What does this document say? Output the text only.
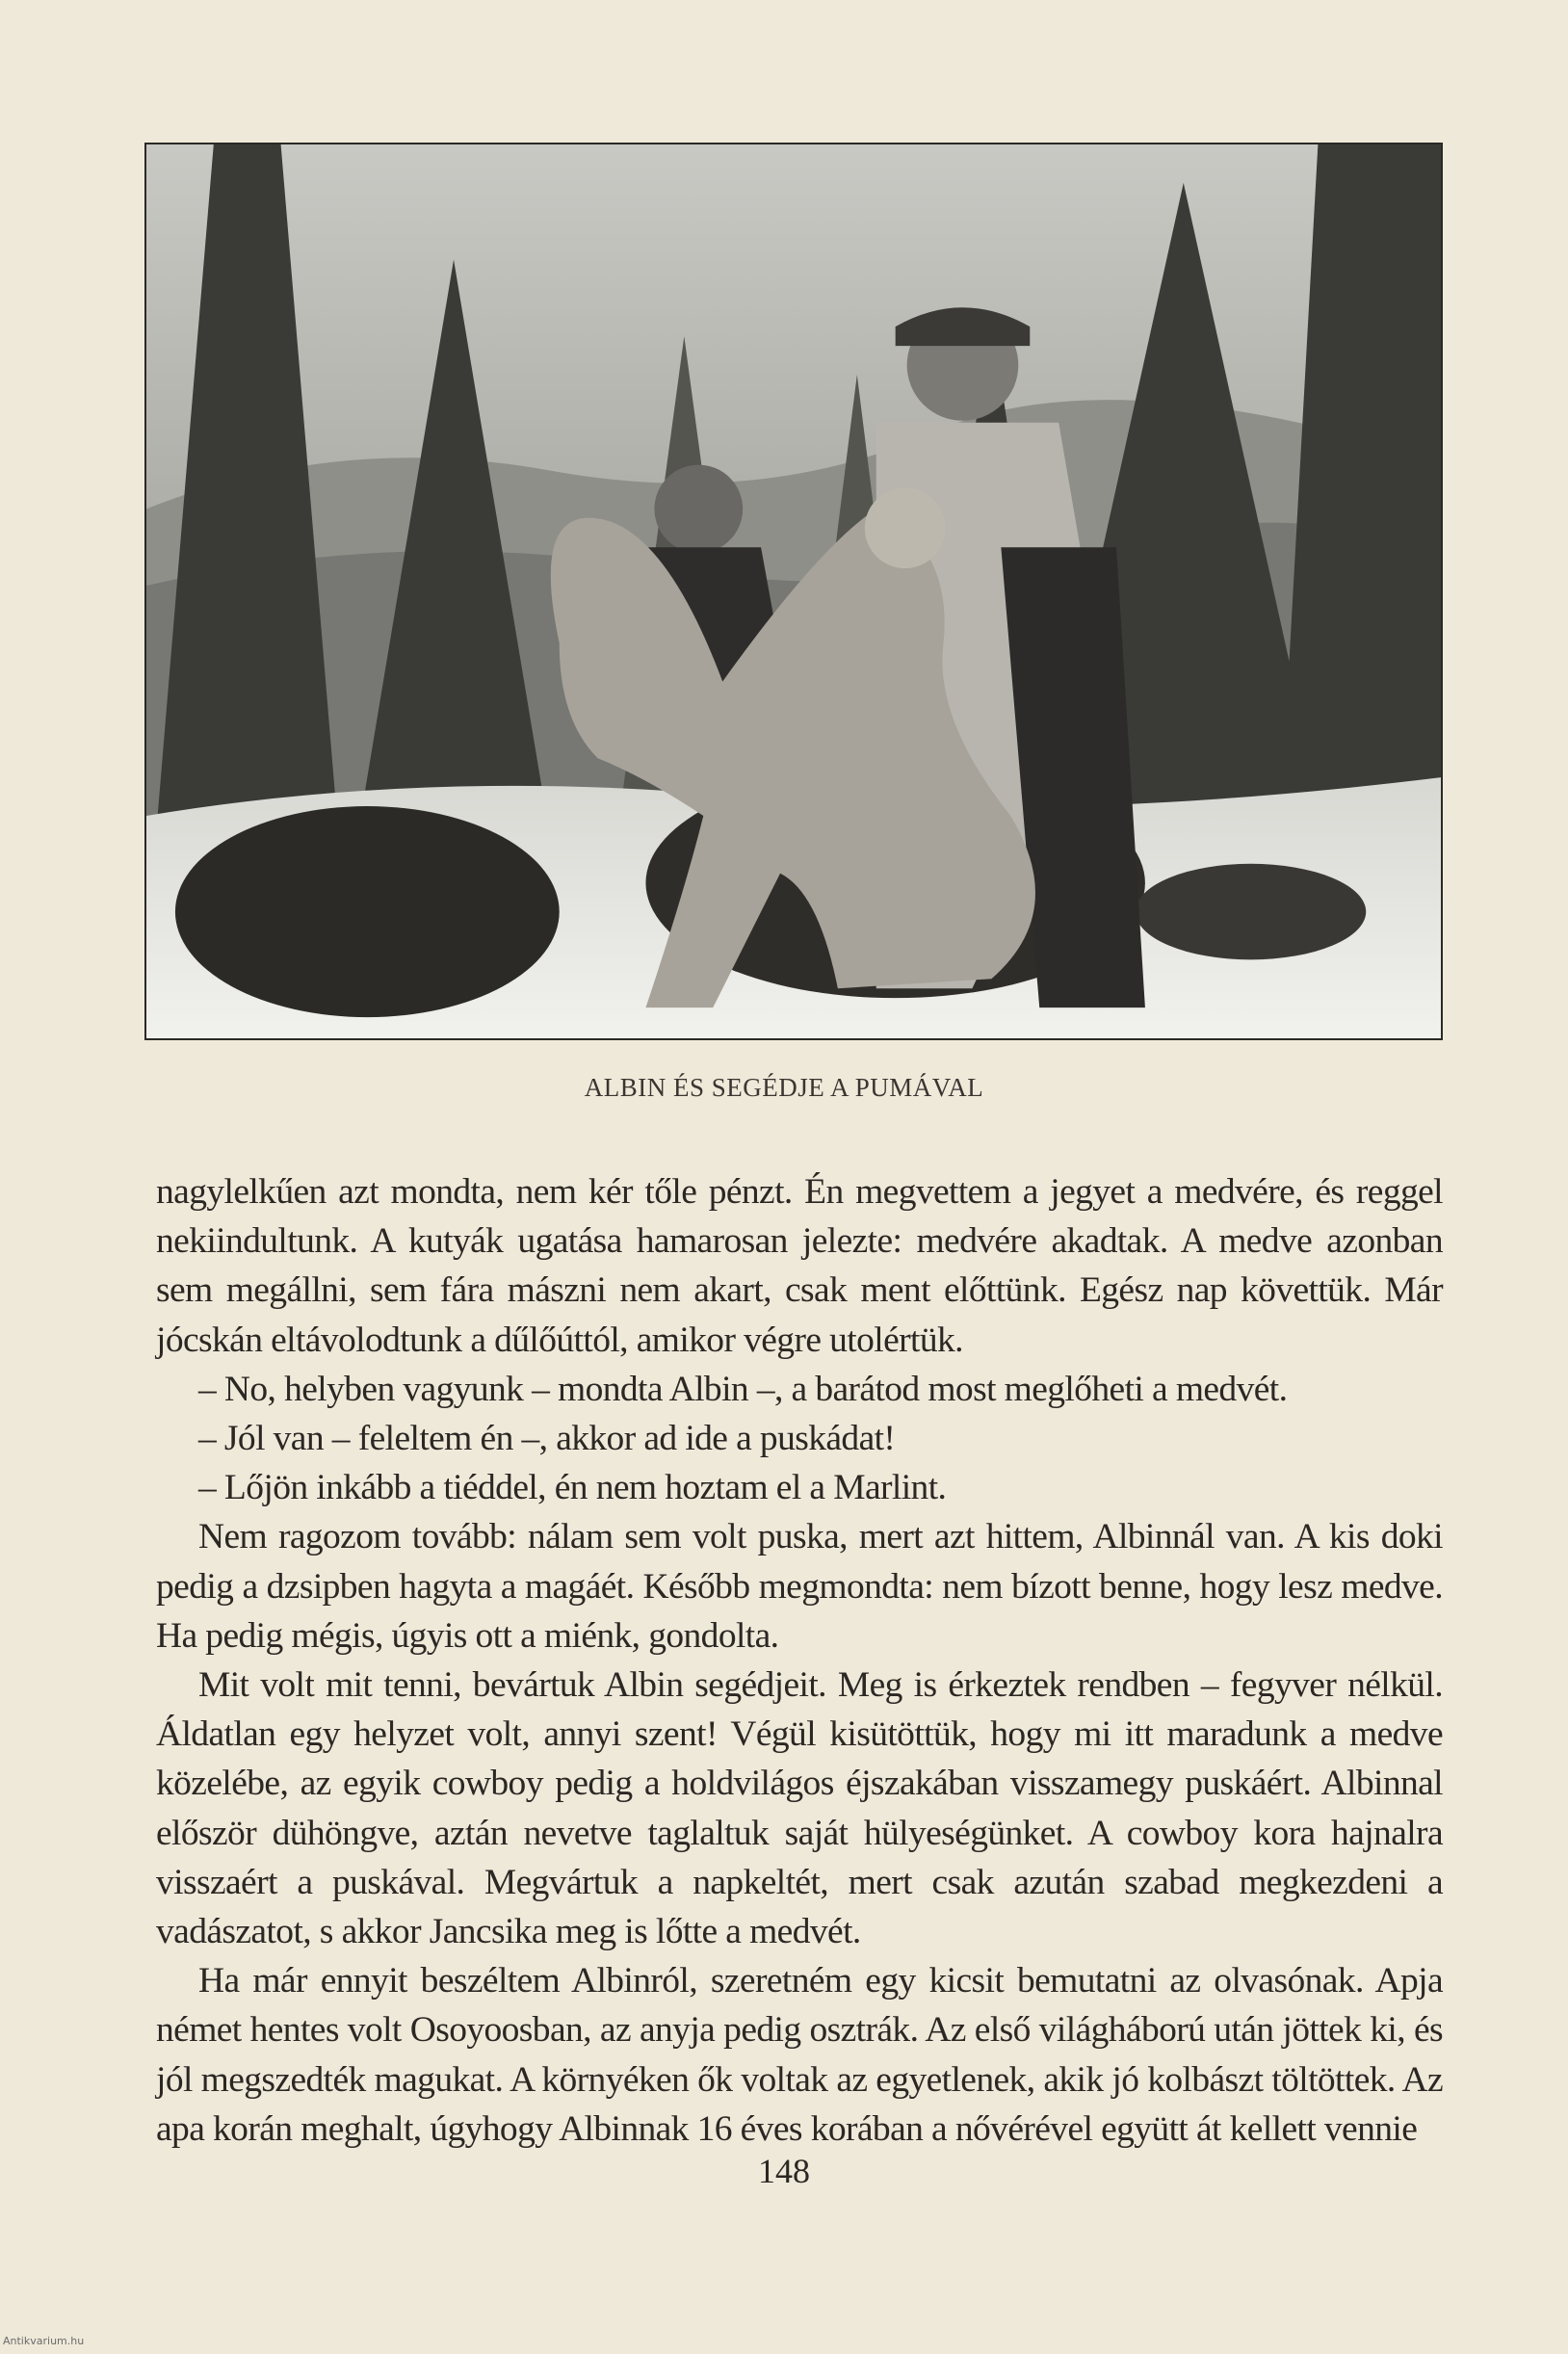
ALBIN ÉS SEGÉDJE A PUMÁVAL

nagylelkűen azt mondta, nem kér tőle pénzt. Én megvettem a jegyet a medvére, és reggel nekiindultunk. A kutyák ugatása hamarosan jelezte: medvére akadtak. A medve azonban sem megállni, sem fára mászni nem akart, csak ment előttünk. Egész nap követtük. Már jócskán eltávolodtunk a dűlőúttól, amikor végre utolértük.

– No, helyben vagyunk – mondta Albin –, a barátod most meglőheti a medvét.

– Jól van – feleltem én –, akkor ad ide a puskádat!

– Lőjön inkább a tiéddel, én nem hoztam el a Marlint.

Nem ragozom tovább: nálam sem volt puska, mert azt hittem, Albinnál van. A kis doki pedig a dzsipben hagyta a magáét. Később megmondta: nem bízott benne, hogy lesz medve. Ha pedig mégis, úgyis ott a miénk, gondolta.

Mit volt mit tenni, bevártuk Albin segédjeit. Meg is érkeztek rendben – fegyver nélkül. Áldatlan egy helyzet volt, annyi szent! Végül kisütöttük, hogy mi itt maradunk a medve közelébe, az egyik cowboy pedig a holdvilágos éjszakában visszamegy puskáért. Albinnal először dühöngve, aztán nevetve taglaltuk saját hülyeségünket. A cowboy kora hajnalra visszaért a puskával. Megvártuk a napkeltét, mert csak azután szabad megkezdeni a vadászatot, s akkor Jancsika meg is lőtte a medvét.

Ha már ennyit beszéltem Albinról, szeretném egy kicsit bemutatni az olvasónak. Apja német hentes volt Osoyoosban, az anyja pedig osztrák. Az első világháború után jöttek ki, és jól megszedték magukat. A környéken ők voltak az egyetlenek, akik jó kolbászt töltöttek. Az apa korán meghalt, úgyhogy Albinnak 16 éves korában a nővérével együtt át kellett vennie

148
Antikvarium.hu
